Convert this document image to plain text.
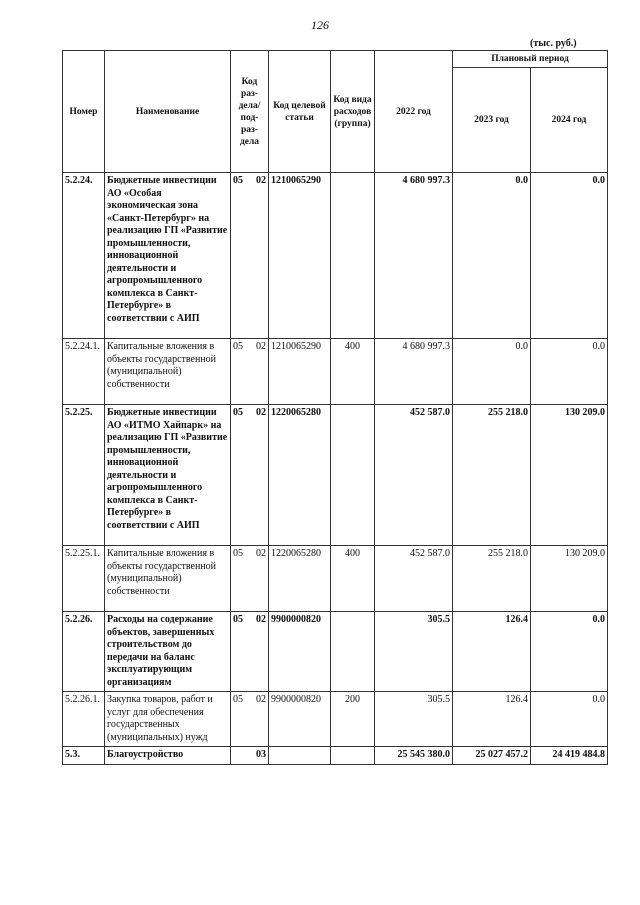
126
(тыс. руб.)
Номер	Наименование	Код раз-дела/ под-раз-дела	Код целевой статьи	Код вида расходов (группа)	2022 год	Плановый период	
						2023 год	2024 год
5.2.24.	Бюджетные инвестиции АО «Особая экономическая зона «Санкт-Петербург» на реализацию ГП «Развитие промышленности, инновационной деятельности и агропромышленного комплекса в Санкт-Петербурге» в соответствии с АИП	05 02	1210065290		4 680 997.3	0.0	0.0
5.2.24.1.	Капитальные вложения в объекты государственной (муниципальной) собственности	05 02	1210065290	400	4 680 997.3	0.0	0.0
5.2.25.	Бюджетные инвестиции АО «ИТМО Хайпарк» на реализацию ГП «Развитие промышленности, инновационной деятельности и агропромышленного комплекса в Санкт-Петербурге» в соответствии с АИП	05 02	1220065280		452 587.0	255 218.0	130 209.0
5.2.25.1.	Капитальные вложения в объекты государственной (муниципальной) собственности	05 02	1220065280	400	452 587.0	255 218.0	130 209.0
5.2.26.	Расходы на содержание объектов, завершенных строительством до передачи на баланс эксплуатирующим организациям	05 02	9900000820		305.5	126.4	0.0
5.2.26.1.	Закупка товаров, работ и услуг для обеспечения государственных (муниципальных) нужд	05 02	9900000820	200	305.5	126.4	0.0
5.3.	Благоустройство	03			25 545 380.0	25 027 457.2	24 419 484.8
